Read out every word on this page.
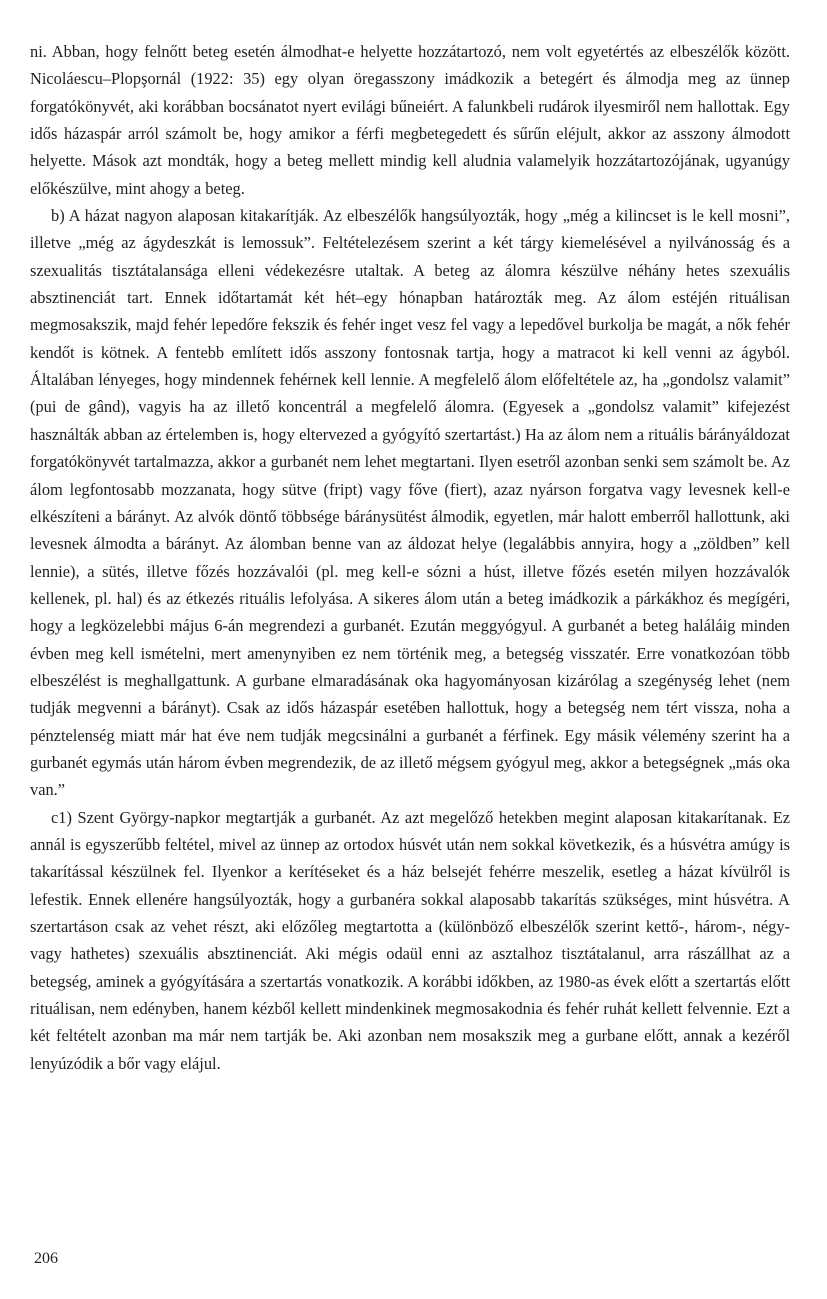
ni. Abban, hogy felnőtt beteg esetén álmodhat-e helyette hozzátartozó, nem volt egyetértés az elbeszélők között. Nicoláescu–Plopşornál (1922: 35) egy olyan öregasszony imádkozik a betegért és álmodja meg az ünnep forgatókönyvét, aki korábban bocsánatot nyert evilági bűneiért. A falunkbeli rudárok ilyesmiről nem hallottak. Egy idős házaspár arról számolt be, hogy amikor a férfi megbetegedett és sűrűn eléjult, akkor az asszony álmodott helyette. Mások azt mondták, hogy a beteg mellett mindig kell aludnia valamelyik hozzátartozójának, ugyanúgy előkészülve, mint ahogy a beteg.

b) A házat nagyon alaposan kitakarítják. Az elbeszélők hangsúlyozták, hogy „még a kilincset is le kell mosni”, illetve „még az ágydeszkát is lemossuk”. Feltételezésem szerint a két tárgy kiemelésével a nyilvánosság és a szexualitás tisztátalansága elleni védekezésre utaltak. A beteg az álomra készülve néhány hetes szexuális absztinenciát tart. Ennek időtartamát két hét–egy hónapban határozták meg. Az álom estéjén rituálisan megmosakszik, majd fehér lepedőre fekszik és fehér inget vesz fel vagy a lepedővel burkolja be magát, a nők fehér kendőt is kötnek. A fentebb említett idős asszony fontosnak tartja, hogy a matracot ki kell venni az ágyból. Általában lényeges, hogy mindennek fehérnek kell lennie. A megfelelő álom előfeltétele az, ha „gondolsz valamit” (pui de gând), vagyis ha az illető koncentrál a megfelelő álomra. (Egyesek a „gondolsz valamit” kifejezést használták abban az értelemben is, hogy eltervezed a gyógyító szertartást.) Ha az álom nem a rituális bárányáldozat forgatókönyvét tartalmazza, akkor a gurbanét nem lehet megtartani. Ilyen esetről azonban senki sem számolt be. Az álom legfontosabb mozzanata, hogy sütve (fript) vagy főve (fiert), azaz nyárson forgatva vagy levesnek kell-e elkészíteni a bárányt. Az alvók döntő többsége báránysütést álmodik, egyetlen, már halott emberről hallottunk, aki levesnek álmodta a bárányt. Az álomban benne van az áldozat helye (legalábbis annyira, hogy a „zöldben” kell lennie), a sütés, illetve főzés hozzávalói (pl. meg kell-e sózni a húst, illetve főzés esetén milyen hozzávalók kellenek, pl. hal) és az étkezés rituális lefolyása. A sikeres álom után a beteg imádkozik a párkákhoz és megígéri, hogy a legközelebbi május 6-án megrendezi a gurbanét. Ezután meggyógyul. A gurbanét a beteg haláláig minden évben meg kell ismételni, mert amenynyiben ez nem történik meg, a betegség visszatér. Erre vonatkozóan több elbeszélést is meghallgattunk. A gurbane elmaradásának oka hagyományosan kizárólag a szegénység lehet (nem tudják megvenni a bárányt). Csak az idős házaspár esetében hallottuk, hogy a betegség nem tért vissza, noha a pénztelenség miatt már hat éve nem tudják megcsinálni a gurbanét a férfinek. Egy másik vélemény szerint ha a gurbanét egymás után három évben megrendezik, de az illető mégsem gyógyul meg, akkor a betegségnek „más oka van.”

c1) Szent György-napkor megtartják a gurbanét. Az azt megelőző hetekben megint alaposan kitakarítanak. Ez annál is egyszerűbb feltétel, mivel az ünnep az ortodox húsvét után nem sokkal következik, és a húsvétra amúgy is takarítással készülnek fel. Ilyenkor a kerítéseket és a ház belsejét fehérre meszelik, esetleg a házat kívülről is lefestik. Ennek ellenére hangsúlyozták, hogy a gurbanéra sokkal alaposabb takarítás szükséges, mint húsvétra. A szertartáson csak az vehet részt, aki előzőleg megtartotta a (különböző elbeszélők szerint kettő-, három-, négy- vagy hathetes) szexuális absztinenciát. Aki mégis odaül enni az asztalhoz tisztátalanul, arra rászállhat az a betegség, aminek a gyógyítására a szertartás vonatkozik. A korábbi időkben, az 1980-as évek előtt a szertartás előtt rituálisan, nem edényben, hanem kézből kellett mindenkinek megmosakodnia és fehér ruhát kellett felvennie. Ezt a két feltételt azonban ma már nem tartják be. Aki azonban nem mosakszik meg a gurbane előtt, annak a kezéről lenyúzódik a bőr vagy elájul.

206
